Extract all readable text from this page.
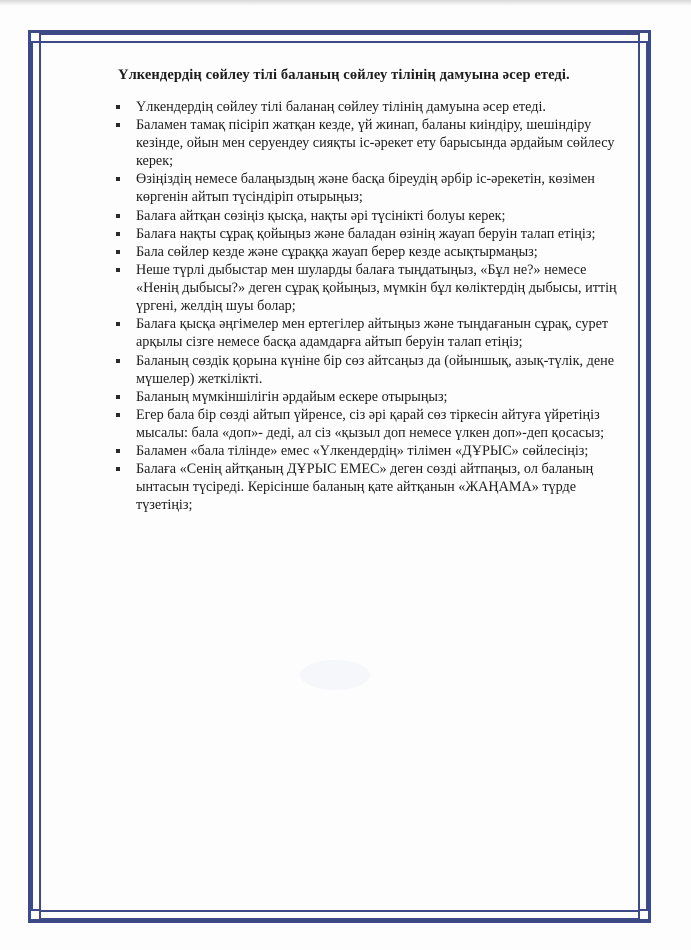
Үлкендердің сөйлеу тілі баланың сөйлеу тілінің дамуына әсер етеді.
Үлкендердің сөйлеу тілі баланаң сөйлеу тілінің дамуына әсер етеді.
Баламен тамақ пісіріп жатқан кезде, үй жинап, баланы киіндіру, шешіндіру кезінде, ойын мен серуендеу сияқты іс-әрекет ету барысында әрдайым сөйлесу керек;
Өзіңіздің немесе балаңыздың және басқа біреудің әрбір іс-әрекетін, көзімен көргенін айтып түсіндіріп отырыңыз;
Балаға айтқан сөзіңіз қысқа, нақты әрі түсінікті болуы керек;
Балаға нақты сұрақ қойыңыз және баладан өзінің жауап беруін талап етіңіз;
Бала сөйлер кезде және сұраққа жауап берер кезде асықтырмаңыз;
Неше түрлі дыбыстар мен шуларды балаға тыңдатыңыз, «Бұл не?» немесе «Ненің дыбысы?» деген сұрақ қойыңыз, мүмкін бұл көліктердің дыбысы, иттің үргені, желдің шуы болар;
Балаға қысқа әңгімелер мен ертегілер айтыңыз және тыңдағанын сұрақ, сурет арқылы сізге немесе басқа адамдарға айтып беруін талап етіңіз;
Баланың сөздік қорына күніне бір сөз айтсаңыз да (ойыншық, азық-түлік, дене мүшелер) жеткілікті.
Баланың мүмкіншілігін әрдайым ескере отырыңыз;
Егер бала бір сөзді айтып үйренсе, сіз әрі қарай сөз тіркесін айтуға үйретіңіз мысалы: бала «доп»- деді, ал сіз «қызыл доп немесе үлкен доп»-деп қосасыз;
Баламен «бала тілінде» емес «Үлкендердің» тілімен «ДҰРЫС» сөйлесіңіз;
Балаға «Сенің айтқаның ДҰРЫС ЕМЕС» деген сөзді айтпаңыз, ол баланың ынтасын түсіреді. Керісінше баланың қате айтқанын «ЖАҢАМА» түрде түзетіңіз;
